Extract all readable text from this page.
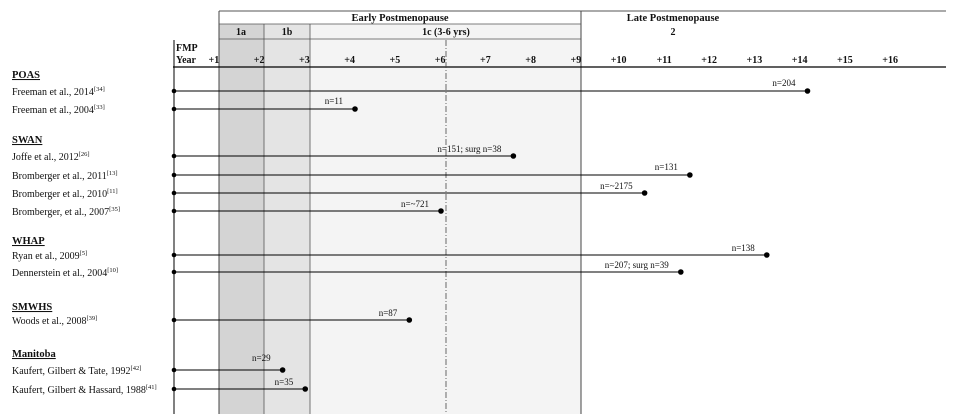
Early Postmenopause	Late Postmenopause
1a	1b	1c (3-6 yrs)	2
FMP
Year +1	+2	+3	+4	+5	+6	+7	+8	+9	+10	+11	+12	+13	+14	+15	+16
POAS
Freeman et al., 2014[34]
n=204
Freeman et al., 2004[33]
n=11
SWAN
Joffe et al., 2012[26]
n=151; surg n=38
Bromberger et al., 2011[13]
n=131
Bromberger et al., 2010[11]
n=~2175
Bromberger, et al., 2007[35]
n=~721
WHAP
Ryan et al., 2009[5]
n=138
Dennerstein et al., 2004[10]
n=207; surg n=39
SMWHS
Woods et al., 2008[39]
n=87
Manitoba
Kaufert, Gilbert & Tate, 1992[42]
n=29
Kaufert, Gilbert & Hassard, 1988[41]
n=35
